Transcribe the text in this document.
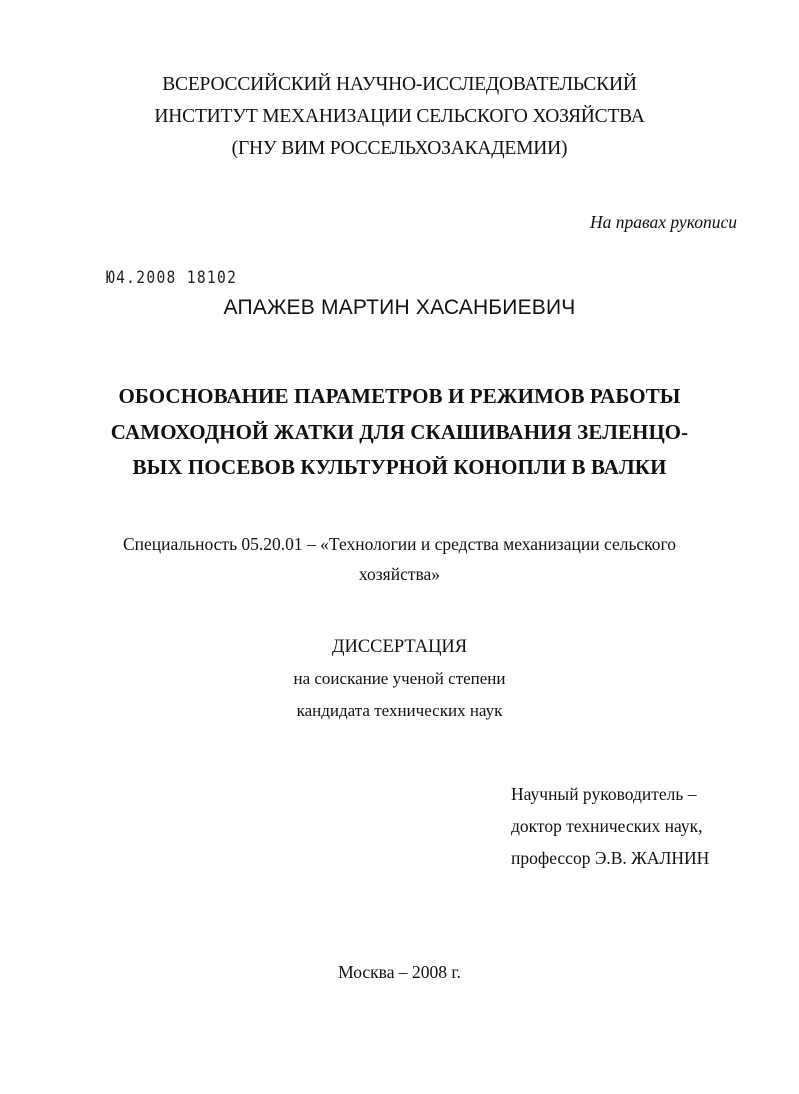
ВСЕРОССИЙСКИЙ НАУЧНО-ИССЛЕДОВАТЕЛЬСКИЙ
ИНСТИТУТ МЕХАНИЗАЦИИ СЕЛЬСКОГО ХОЗЯЙСТВА
(ГНУ ВИМ РОССЕЛЬХОЗАКАДЕМИИ)
На правах рукописи
Ю4.2008 18102
АПАЖЕВ МАРТИН ХАСАНБИЕВИЧ
ОБОСНОВАНИЕ ПАРАМЕТРОВ И РЕЖИМОВ РАБОТЫ
САМОХОДНОЙ ЖАТКИ ДЛЯ СКАШИВАНИЯ ЗЕЛЕНЦО-
ВЫХ ПОСЕВОВ КУЛЬТУРНОЙ КОНОПЛИ В ВАЛКИ
Специальность 05.20.01 – «Технологии и средства механизации сельского
хозяйства»
ДИССЕРТАЦИЯ
на соискание ученой степени
кандидата технических наук
Научный руководитель –
доктор технических наук,
профессор Э.В. ЖАЛНИН
Москва – 2008 г.
